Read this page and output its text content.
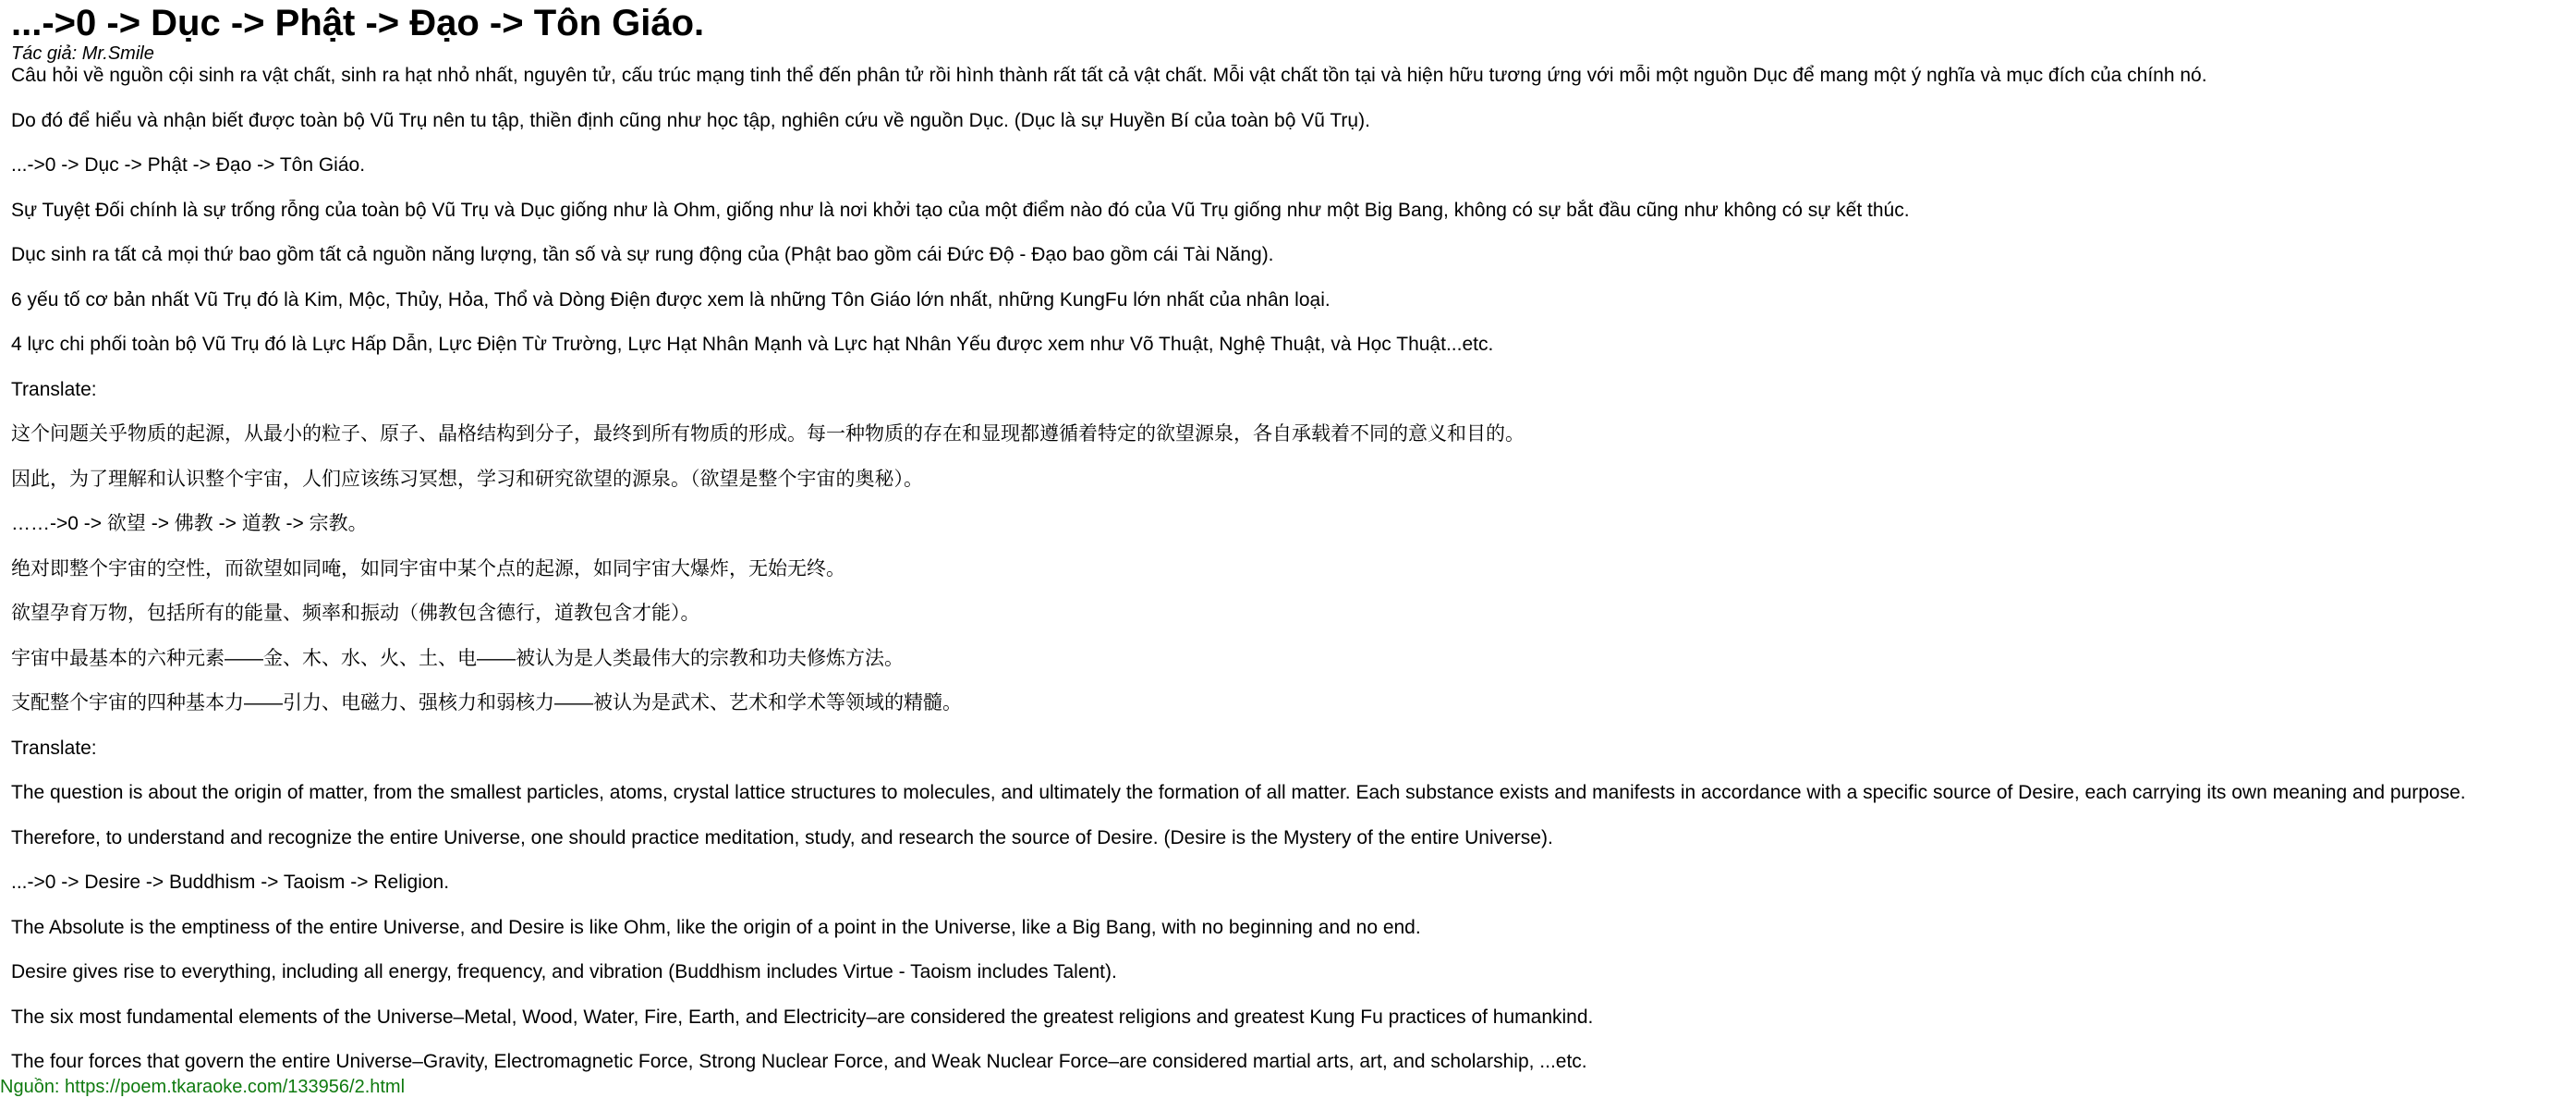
...->0 -> Dục -> Phật -> Đạo -> Tôn Giáo.
Tác giả: Mr.Smile

Câu hỏi về nguồn cội sinh ra vật chất, sinh ra hạt nhỏ nhất, nguyên tử, cấu trúc mạng tinh thể đến phân tử rồi hình thành rất tất cả vật chất. Mỗi vật chất tồn tại và hiện hữu tương ứng với mỗi một nguồn Dục để mang một ý nghĩa và mục đích của chính nó.

Do đó để hiểu và nhận biết được toàn bộ Vũ Trụ nên tu tập, thiền định cũng như học tập, nghiên cứu về nguồn Dục. (Dục là sự Huyền Bí của toàn bộ Vũ Trụ).

...->0 -> Dục -> Phật -> Đạo -> Tôn Giáo.

Sự Tuyệt Đối chính là sự trống rỗng của toàn bộ Vũ Trụ và Dục giống như là Ohm, giống như là nơi khởi tạo của một điểm nào đó của Vũ Trụ giống như một Big Bang, không có sự bắt đầu cũng như không có sự kết thúc.

Dục sinh ra tất cả mọi thứ bao gồm tất cả nguồn năng lượng, tần số và sự rung động của (Phật bao gồm cái Đức Độ - Đạo bao gồm cái Tài Năng).

6 yếu tố cơ bản nhất Vũ Trụ đó là Kim, Mộc, Thủy, Hỏa, Thổ và Dòng Điện được xem là những Tôn Giáo lớn nhất, những KungFu lớn nhất của nhân loại.

4 lực chi phối toàn bộ Vũ Trụ đó là Lực Hấp Dẫn, Lực Điện Từ Trường, Lực Hạt Nhân Mạnh và Lực hạt Nhân Yếu được xem như Võ Thuật, Nghệ Thuật, và Học Thuật...etc.

Translate:

这个问题关乎物质的起源，从最小的粒子、原子、晶格结构到分子，最终到所有物质的形成。每一种物质的存在和显现都遵循着特定的欲望源泉，各自承载着不同的意义和目的。

因此，为了理解和认识整个宇宙，人们应该练习冥想，学习和研究欲望的源泉。（欲望是整个宇宙的奥秘）。

……->0 -> 欲望 -> 佛教 -> 道教 -> 宗教。

绝对即整个宇宙的空性，而欲望如同唵，如同宇宙中某个点的起源，如同宇宙大爆炸，无始无终。

欲望孕育万物，包括所有的能量、频率和振动（佛教包含德行，道教包含才能）。

宇宙中最基本的六种元素——金、木、水、火、土、电——被认为是人类最伟大的宗教和功夫修炼方法。

支配整个宇宙的四种基本力——引力、电磁力、强核力和弱核力——被认为是武术、艺术和学术等领域的精髓。

Translate:

The question is about the origin of matter, from the smallest particles, atoms, crystal lattice structures to molecules, and ultimately the formation of all matter. Each substance exists and manifests in accordance with a specific source of Desire, each carrying its own meaning and purpose.

Therefore, to understand and recognize the entire Universe, one should practice meditation, study, and research the source of Desire. (Desire is the Mystery of the entire Universe).

...->0 -> Desire -> Buddhism -> Taoism -> Religion.

The Absolute is the emptiness of the entire Universe, and Desire is like Ohm, like the origin of a point in the Universe, like a Big Bang, with no beginning and no end.

Desire gives rise to everything, including all energy, frequency, and vibration (Buddhism includes Virtue - Taoism includes Talent).

The six most fundamental elements of the Universe–Metal, Wood, Water, Fire, Earth, and Electricity–are considered the greatest religions and greatest Kung Fu practices of humankind.

The four forces that govern the entire Universe–Gravity, Electromagnetic Force, Strong Nuclear Force, and Weak Nuclear Force–are considered martial arts, art, and scholarship, ...etc.

Nguồn: https://poem.tkaraoke.com/133956/2.html
